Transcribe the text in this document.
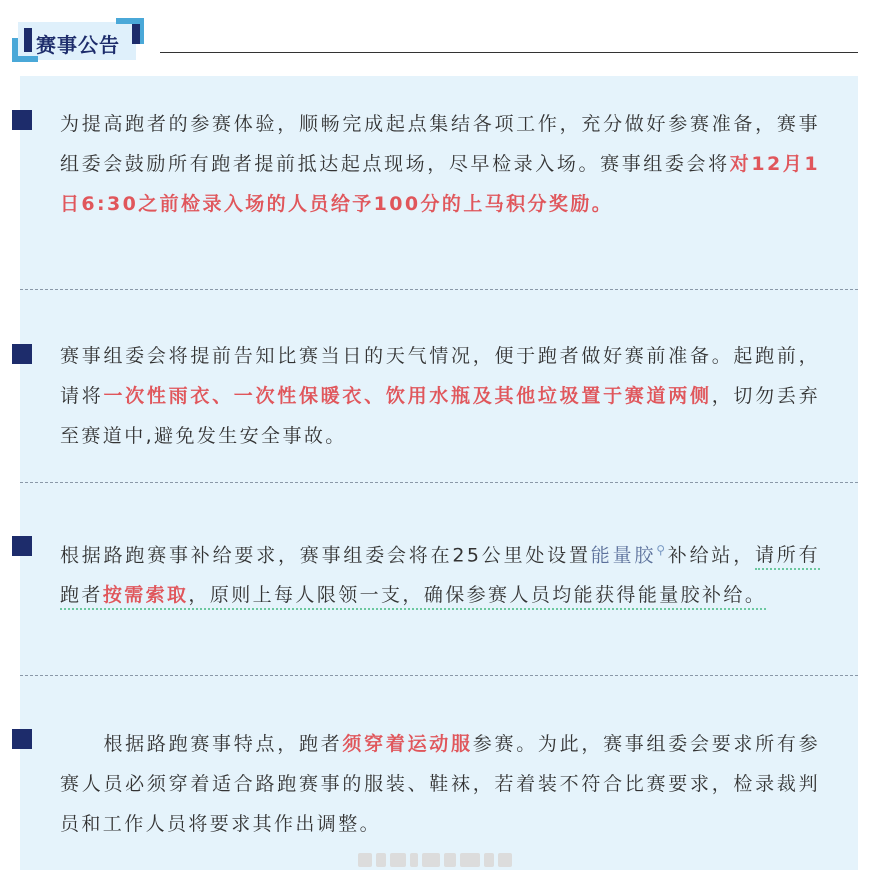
赛事公告

为提高跑者的参赛体验，顺畅完成起点集结各项工作，充分做好参赛准备，赛事组委会鼓励所有跑者提前抵达起点现场，尽早检录入场。赛事组委会将对12月1日6:30之前检录入场的人员给予100分的上马积分奖励。

赛事组委会将提前告知比赛当日的天气情况，便于跑者做好赛前准备。起跑前，请将一次性雨衣、一次性保暖衣、饮用水瓶及其他垃圾置于赛道两侧，切勿丢弃至赛道中,避免发生安全事故。

根据路跑赛事补给要求，赛事组委会将在25公里处设置能量胶⚲补给站，请所有跑者按需索取，原则上每人限领一支，确保参赛人员均能获得能量胶补给。

　　根据路跑赛事特点，跑者须穿着运动服参赛。为此，赛事组委会要求所有参赛人员必须穿着适合路跑赛事的服装、鞋袜，若着装不符合比赛要求，检录裁判员和工作人员将要求其作出调整。
